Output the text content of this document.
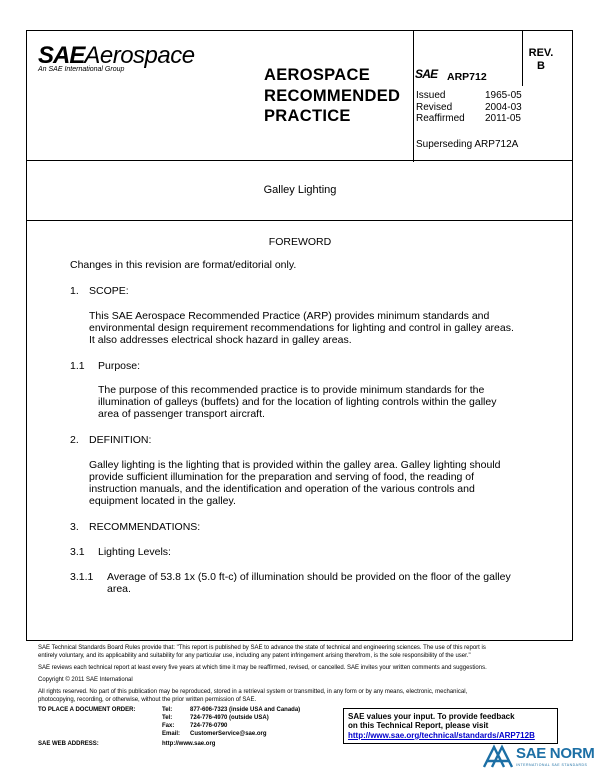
SAEAerospace
An SAE International Group	AEROSPACE
RECOMMENDED
PRACTICE
REV.
B
SAE ARP712
Issued	1965-05
Revised	2004-03
Reaffirmed 2011-05
Superseding ARP712A
Galley Lighting
FOREWORD
Changes in this revision are format/editorial only.
1. SCOPE:
This SAE Aerospace Recommended Practice (ARP) provides minimum standards and
environmental design requirement recommendations for lighting and control in galley areas.
It also addresses electrical shock hazard in galley areas.
1.1 Purpose:
The purpose of this recommended practice is to provide minimum standards for the
illumination of galleys (buffets) and for the location of lighting controls within the galley
area of passenger transport aircraft.
2. DEFINITION:
Galley lighting is the lighting that is provided within the galley area. Galley lighting should
provide sufficient illumination for the preparation and serving of food, the reading of
instruction manuals, and the identification and operation of the various controls and
equipment located in the galley.
3. RECOMMENDATIONS:
3.1 Lighting Levels:
3.1.1 Average of 53.8 1x (5.0 ft-c) of illumination should be provided on the floor of the galley
area.
SAE Technical Standards Board Rules provide that: "This report is published by SAE to advance the state of technical and engineering sciences. The use of this report is
entirely voluntary, and its applicability and suitability for any particular use, including any patent infringement arising therefrom, is the sole responsibility of the user."
SAE reviews each technical report at least every five years at which time it may be reaffirmed, revised, or cancelled. SAE invites your written comments and suggestions.
Copyright © 2011 SAE International
All rights reserved. No part of this publication may be reproduced, stored in a retrieval system or transmitted, in any form or by any means, electronic, mechanical,
photocopying, recording, or otherwise, without the prior written permission of SAE.
TO PLACE A DOCUMENT ORDER:	Tel:	877-606-7323 (inside USA and Canada)
Tel:	724-776-4970 (outside USA)
Fax:	724-776-0790
Email: CustomerService@sae.org
SAE WEB ADDRESS:	http://www.sae.org
SAE values your input. To provide feedback
on this Technical Report, please visit
http://www.sae.org/technical/standards/ARP712B
SAE NORM
INTERNATIONAL SAE STANDARDS
